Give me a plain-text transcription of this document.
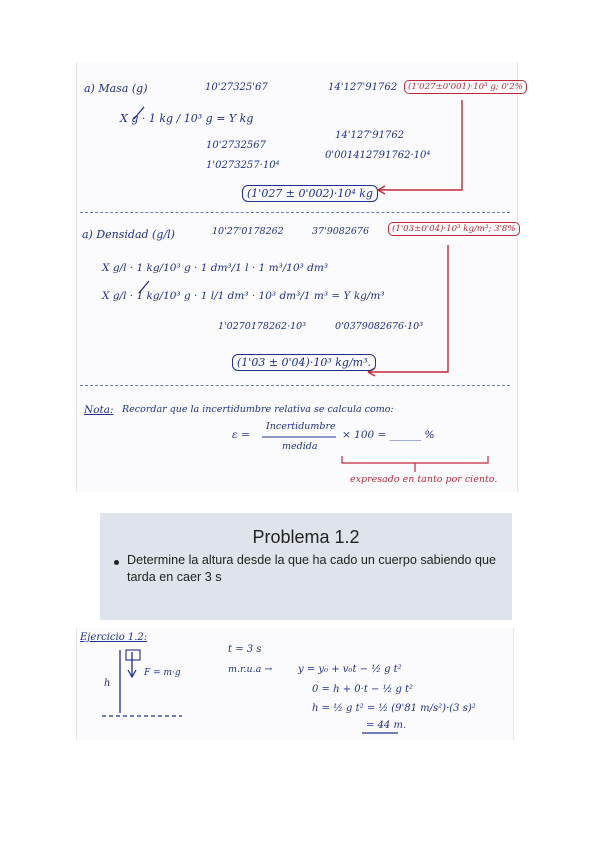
a) Masa (g)	10'27325'67	14'127'91762	(1'027±0'001)·10³ g; 0'2%
X g · 1 kg / 10³ g = Y kg
10'2732567
14'127'91762
1'0273257·10⁴
0'001412791762·10⁴
(1'027 ± 0'002)·10⁴ kg
a) Densidad (g/l)	10'27'0178262	37'9082676	(1'03±0'04)·10³ kg/m³; 3'8%
X g/l · 1 kg/10³ g · 1 dm³/1 l · 1 m³/10³ dm³
X g/l · 1 kg/10³ g · 1 l/1 dm³ · 10³ dm³/1 m³ = Y kg/m³
1'0270178262·10³	0'0379082676·10³
(1'03 ± 0'04)·10³ kg/m³.
Nota: Recordar que la incertidumbre relativa se calcula como:
ε =
Incertidumbre
medida
× 100 = ______ %
expresado en tanto por ciento.
Problema 1.2
Determine la altura desde la que ha cado un cuerpo sabiendo que tarda en caer 3 s
Ejercicio 1.2:
F = m·g
h
t = 3 s
m.r.u.a →	y = y₀ + v₀t − ½ g t²
0 = h + 0·t − ½ g t²
h = ½ g t² = ½ (9'81 m/s²)·(3 s)²
= 44 m.
